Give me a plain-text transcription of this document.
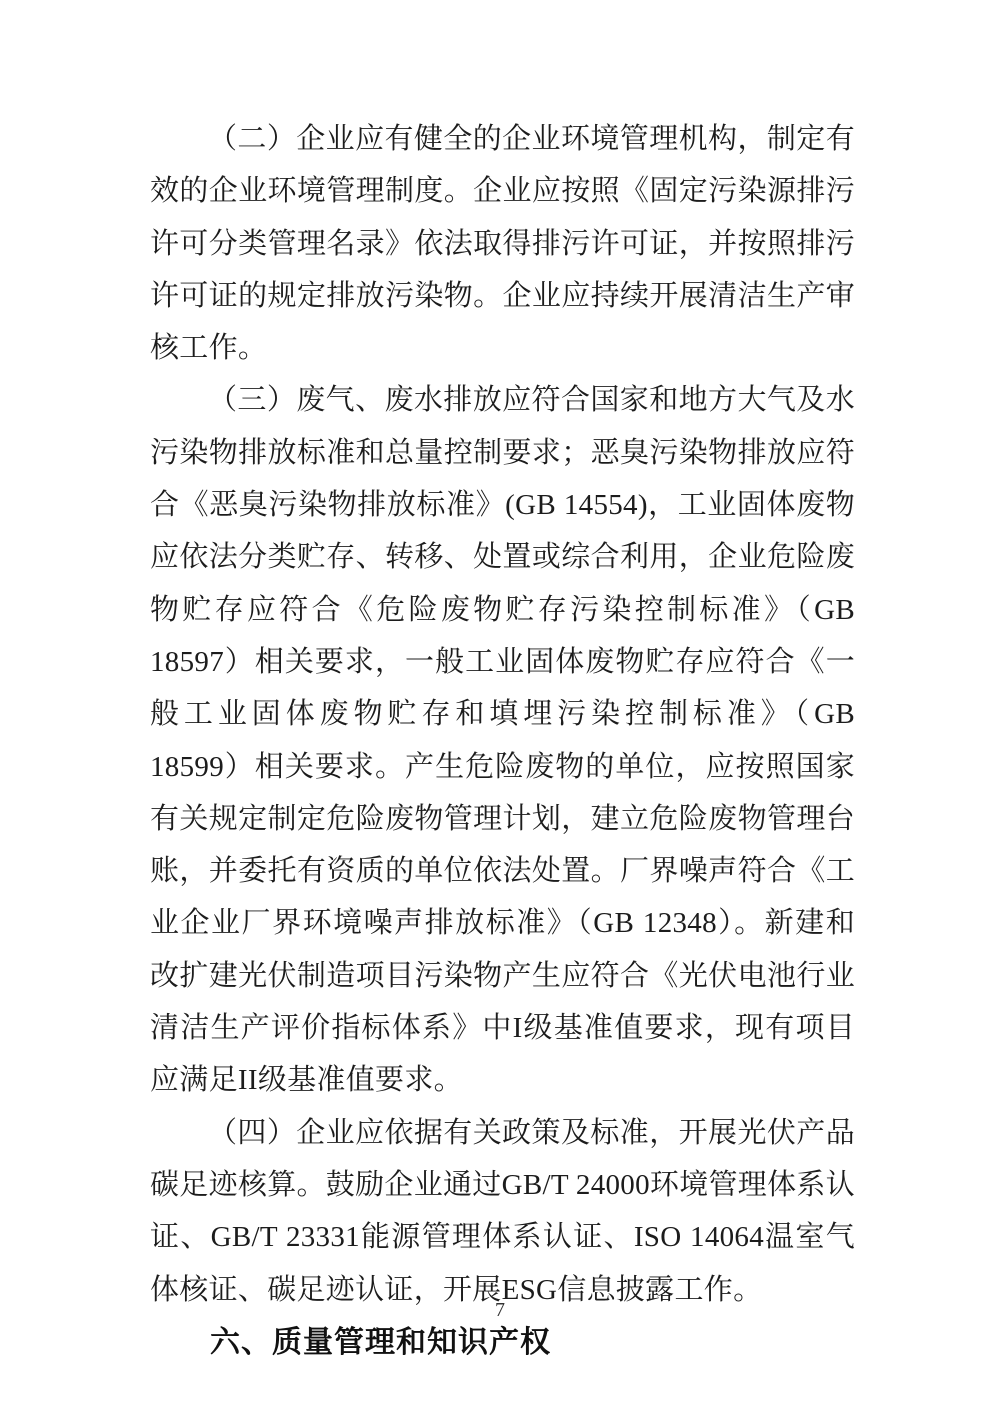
（二）企业应有健全的企业环境管理机构，制定有效的企业环境管理制度。企业应按照《固定污染源排污许可分类管理名录》依法取得排污许可证，并按照排污许可证的规定排放污染物。企业应持续开展清洁生产审核工作。

（三）废气、废水排放应符合国家和地方大气及水污染物排放标准和总量控制要求；恶臭污染物排放应符合《恶臭污染物排放标准》(GB 14554)，工业固体废物应依法分类贮存、转移、处置或综合利用，企业危险废物贮存应符合《危险废物贮存污染控制标准》（GB 18597）相关要求，一般工业固体废物贮存应符合《一般工业固体废物贮存和填埋污染控制标准》（GB 18599）相关要求。产生危险废物的单位，应按照国家有关规定制定危险废物管理计划，建立危险废物管理台账，并委托有资质的单位依法处置。厂界噪声符合《工业企业厂界环境噪声排放标准》（GB 12348）。新建和改扩建光伏制造项目污染物产生应符合《光伏电池行业清洁生产评价指标体系》中I级基准值要求，现有项目应满足II级基准值要求。

（四）企业应依据有关政策及标准，开展光伏产品碳足迹核算。鼓励企业通过GB/T 24000环境管理体系认证、GB/T 23331能源管理体系认证、ISO 14064温室气体核证、碳足迹认证，开展ESG信息披露工作。

六、质量管理和知识产权
7
